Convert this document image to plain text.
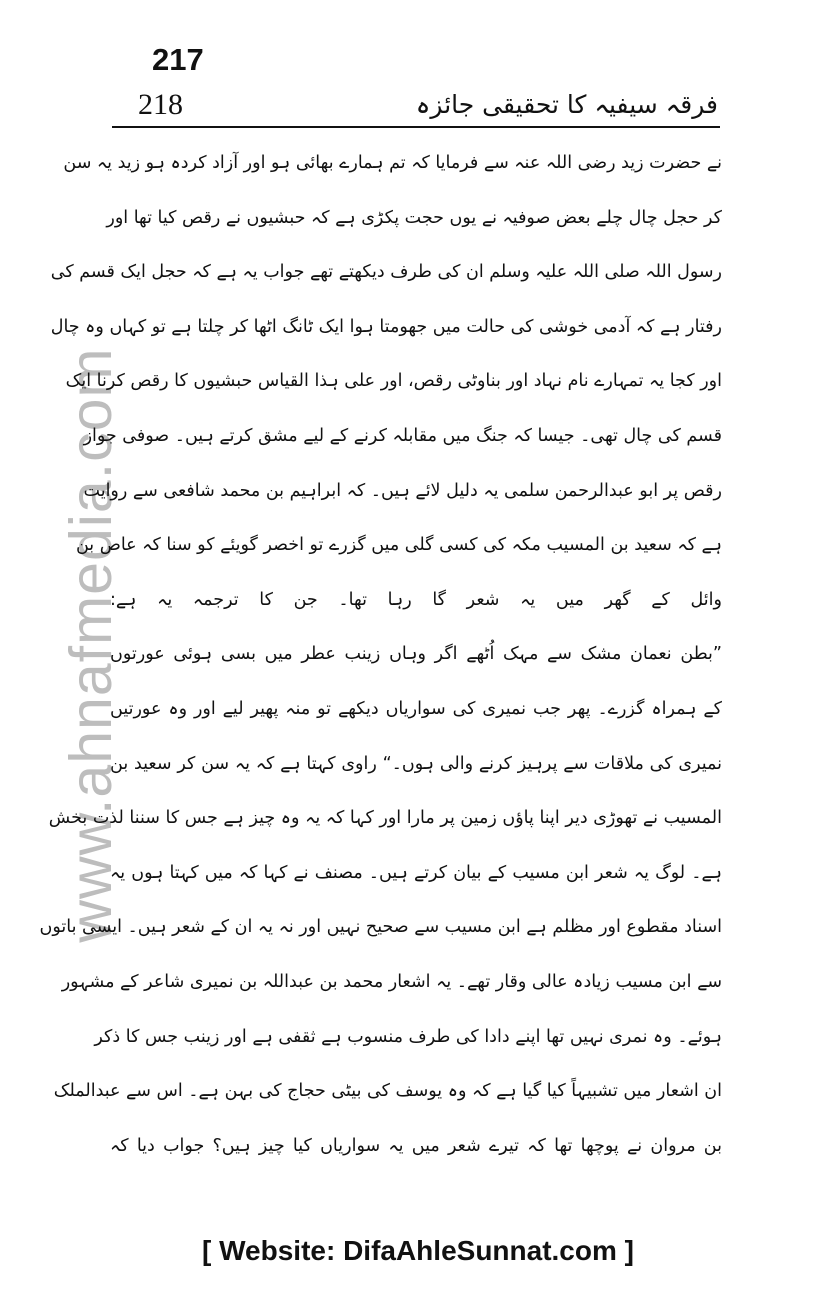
217
218	فرقہ سیفیہ کا تحقیقی جائزہ
www.ahnafmedia.com
نے حضرت زید رضی اللہ عنہ سے فرمایا کہ تم ہمارے بھائی ہو اور آزاد کردہ ہو زید یہ سن
کر حجل چال چلے بعض صوفیہ نے یوں حجت پکڑی ہے کہ حبشیوں نے رقص کیا تھا اور
رسول اللہ صلی اللہ علیہ وسلم ان کی طرف دیکھتے تھے جواب یہ ہے کہ حجل ایک قسم کی
رفتار ہے کہ آدمی خوشی کی حالت میں جھومتا ہوا ایک ٹانگ اٹھا کر چلتا ہے تو کہاں وہ چال
اور کجا یہ تمہارے نام نہاد اور بناوٹی رقص، اور علی ہذا القیاس حبشیوں کا رقص کرنا ایک
قسم کی چال تھی۔ جیسا کہ جنگ میں مقابلہ کرنے کے لیے مشق کرتے ہیں۔ صوفی جواز
رقص پر ابو عبدالرحمن سلمی یہ دلیل لائے ہیں۔ کہ ابراہیم بن محمد شافعی سے روایت
ہے کہ سعید بن المسیب مکہ کی کسی گلی میں گزرے تو اخصر گویئے کو سنا کہ عاص بن
وائل کے گھر میں یہ شعر گا رہا تھا۔ جن کا ترجمہ یہ ہے:
”بطن نعمان مشک سے مہک اُٹھے اگر وہاں زینب عطر میں بسی ہوئی عورتوں
کے ہمراہ گزرے۔ پھر جب نمیری کی سواریاں دیکھے تو منہ پھیر لیے اور وہ عورتیں
نمیری کی ملاقات سے پرہیز کرنے والی ہوں۔“ راوی کہتا ہے کہ یہ سن کر سعید بن
المسیب نے تھوڑی دیر اپنا پاؤں زمین پر مارا اور کہا کہ یہ وہ چیز ہے جس کا سننا لذت بخش
ہے۔ لوگ یہ شعر ابن مسیب کے بیان کرتے ہیں۔ مصنف نے کہا کہ میں کہتا ہوں یہ
اسناد مقطوع اور مظلم ہے ابن مسیب سے صحیح نہیں اور نہ یہ ان کے شعر ہیں۔ ایسی باتوں
سے ابن مسیب زیادہ عالی وقار تھے۔ یہ اشعار محمد بن عبداللہ بن نمیری شاعر کے مشہور
ہوئے۔ وہ نمری نہیں تھا اپنے دادا کی طرف منسوب ہے ثقفی ہے اور زینب جس کا ذکر
ان اشعار میں تشبیہاً کیا گیا ہے کہ وہ یوسف کی بیٹی حجاج کی بہن ہے۔ اس سے عبدالملک
بن مروان نے پوچھا تھا کہ تیرے شعر میں یہ سواریاں کیا چیز ہیں؟ جواب دیا کہ
[ Website: DifaAhleSunnat.com ]
